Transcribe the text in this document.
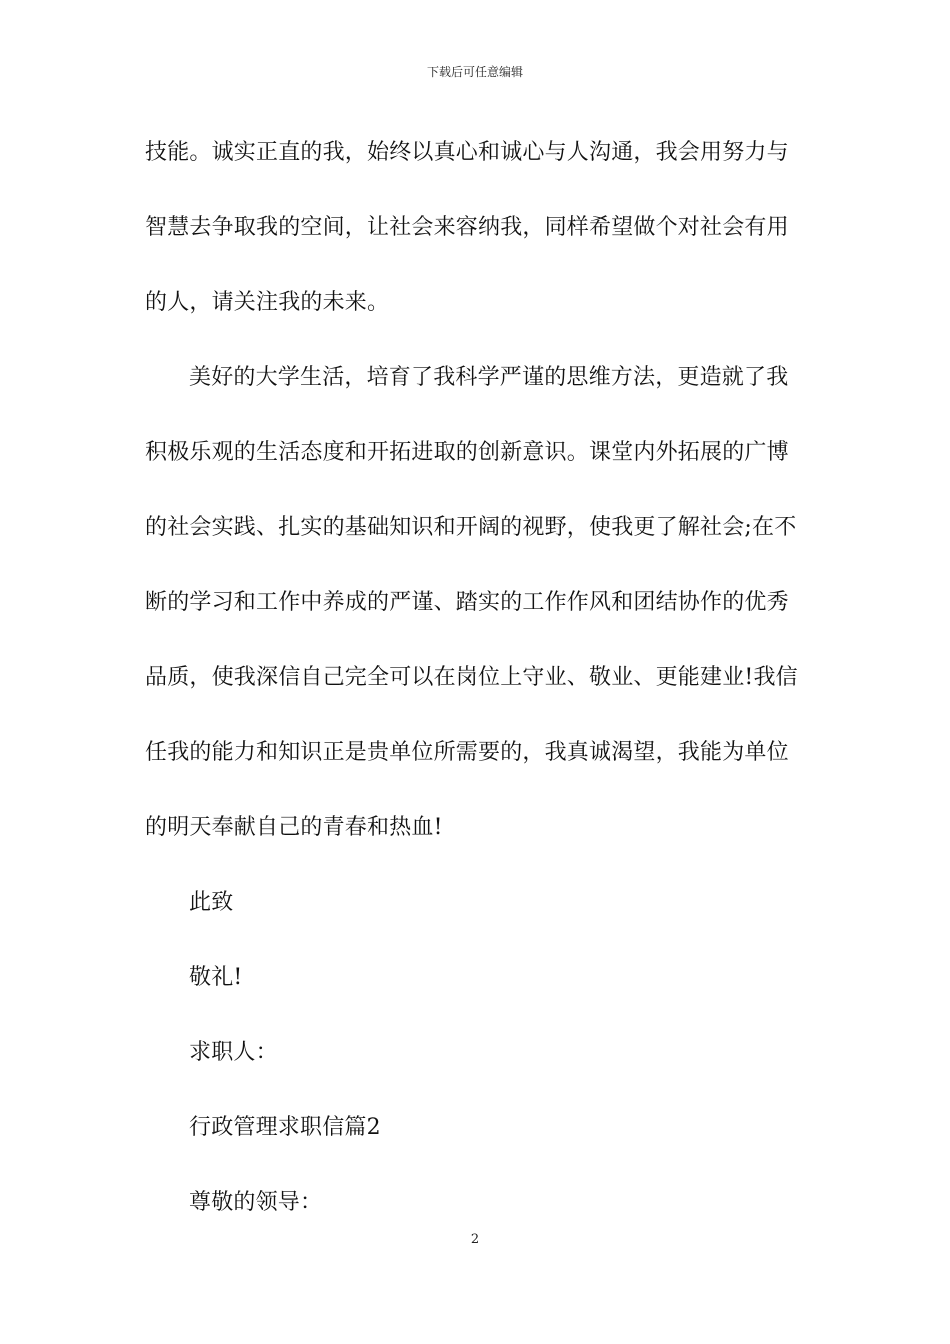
下载后可任意编辑
技能。诚实正直的我，始终以真心和诚心与人沟通，我会用努力与
智慧去争取我的空间，让社会来容纳我，同样希望做个对社会有用
的人，请关注我的未来。
美好的大学生活，培育了我科学严谨的思维方法，更造就了我
积极乐观的生活态度和开拓进取的创新意识。课堂内外拓展的广博
的社会实践、扎实的基础知识和开阔的视野，使我更了解社会;在不
断的学习和工作中养成的严谨、踏实的工作作风和团结协作的优秀
品质，使我深信自己完全可以在岗位上守业、敬业、更能建业!我信
任我的能力和知识正是贵单位所需要的，我真诚渴望，我能为单位
的明天奉献自己的青春和热血!
此致
敬礼!
求职人：
行政管理求职信篇2
尊敬的领导：
2
